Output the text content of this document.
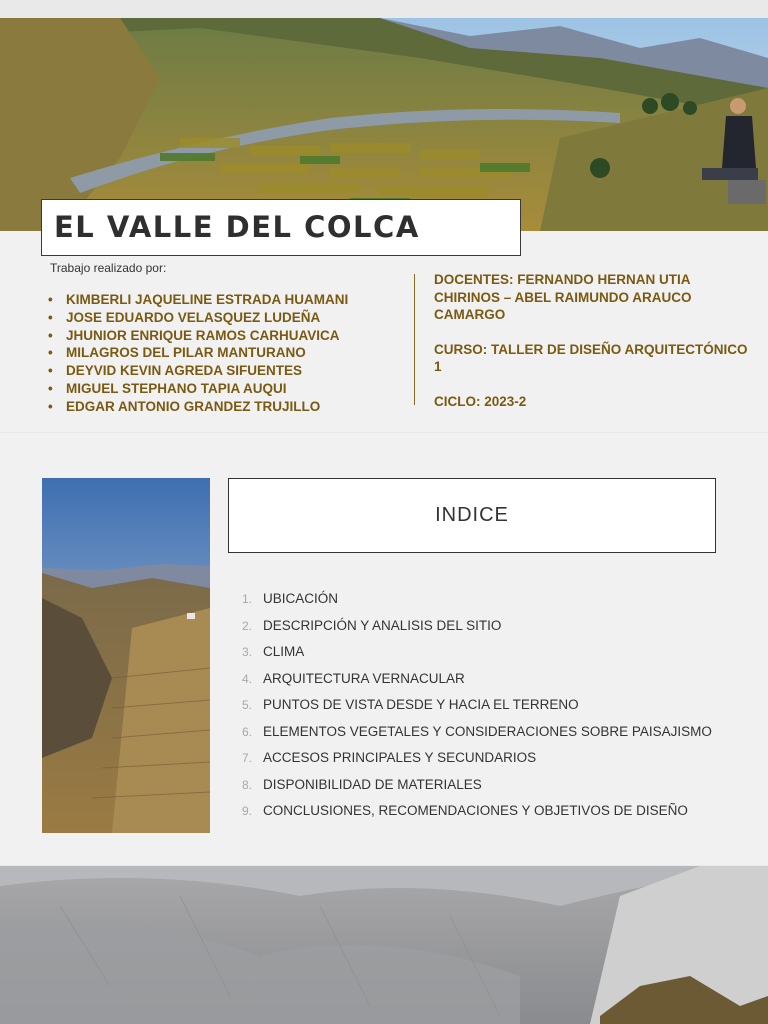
EL VALLE DEL COLCA
Trabajo realizado por:
• KIMBERLI JAQUELINE ESTRADA HUAMANI
• JOSE EDUARDO VELASQUEZ LUDEÑA
• JHUNIOR ENRIQUE RAMOS CARHUAVICA
• MILAGROS DEL PILAR MANTURANO
• DEYVID KEVIN AGREDA SIFUENTES
• MIGUEL STEPHANO TAPIA AUQUI
• EDGAR ANTONIO GRANDEZ TRUJILLO

DOCENTES: FERNANDO HERNAN UTIA CHIRINOS – ABEL RAIMUNDO ARAUCO CAMARGO

CURSO: TALLER DE DISEÑO ARQUITECTÓNICO 1

CICLO: 2023-2

INDICE
1. UBICACIÓN
2. DESCRIPCIÓN Y ANALISIS DEL SITIO
3. CLIMA
4. ARQUITECTURA VERNACULAR
5. PUNTOS DE VISTA DESDE Y HACIA EL TERRENO
6. ELEMENTOS VEGETALES Y CONSIDERACIONES SOBRE PAISAJISMO
7. ACCESOS PRINCIPALES Y SECUNDARIOS
8. DISPONIBILIDAD DE MATERIALES
9. CONCLUSIONES, RECOMENDACIONES Y OBJETIVOS DE DISEÑO
